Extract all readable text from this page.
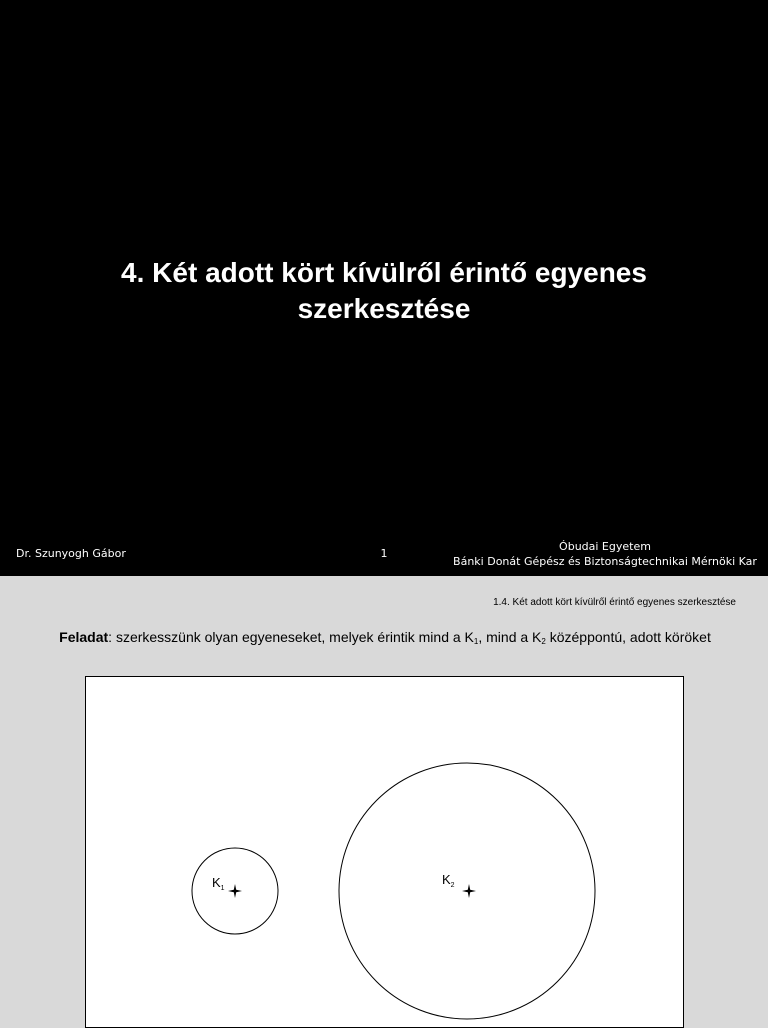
4. Két adott kört kívülről érintő egyenes
szerkesztése
Dr. Szunyogh Gábor	1
Óbudai Egyetem
Bánki Donát Gépész és Biztonságtechnikai Mérnöki Kar
1.4. Két adott kört kívülről érintő egyenes szerkesztése
Feladat: szerkesszünk olyan egyeneseket, melyek érintik mind a $K_1$, mind a $K_2$ középpontú, adott köröket
$K_1$
$K_2$
